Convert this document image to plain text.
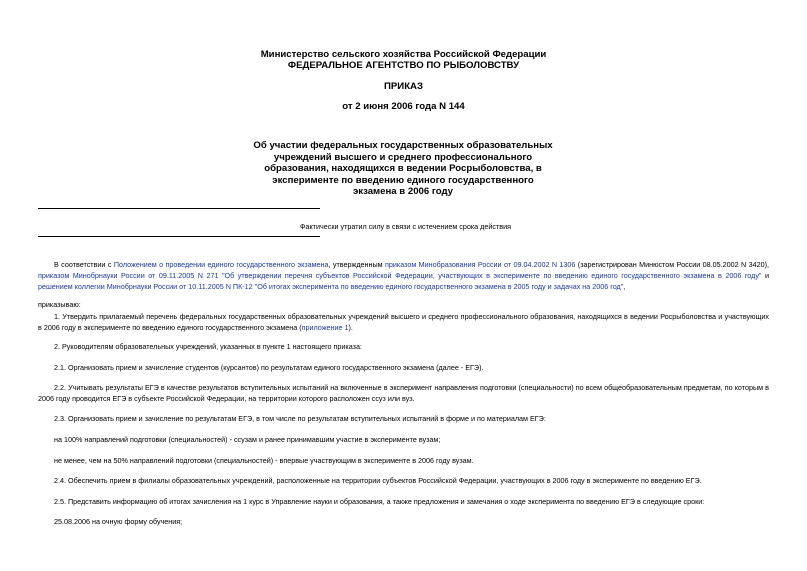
Министерство сельского хозяйства Российской Федерации
ФЕДЕРАЛЬНОЕ АГЕНТСТВО ПО РЫБОЛОВСТВУ
ПРИКАЗ
от 2 июня 2006 года N 144
Об участии федеральных государственных образовательных
учреждений высшего и среднего профессионального
образования, находящихся в ведении Росрыболовства, в
эксперименте по введению единого государственного
экзамена в 2006 году
Фактически утратил силу в связи с истечением срока действия
В соответствии с Положением о проведении единого государственного экзамена, утвержденным приказом Минобразования России от 09.04.2002 N 1306 (зарегистрирован Минюстом России 08.05.2002 N 3420), приказом Минобрнауки России от 09.11.2005 N 271 "Об утверждении перечня субъектов Российской Федерации, участвующих в эксперименте по введению единого государственного экзамена в 2006 году" и решением коллегии Минобрнауки России от 10.11.2005 N ПК-12 "Об итогах эксперимента по введению единого государственного экзамена в 2005 году и задачах на 2006 год",
приказываю:
1. Утвердить прилагаемый перечень федеральных государственных образовательных учреждений высшего и среднего профессионального образования, находящихся в ведении Росрыболовства и участвующих в 2006 году в эксперименте по введению единого государственного экзамена (приложение 1).
2. Руководителям образовательных учреждений, указанных в пункте 1 настоящего приказа:
2.1. Организовать прием и зачисление студентов (курсантов) по результатам единого государственного экзамена (далее - ЕГЭ).
2.2. Учитывать результаты ЕГЭ в качестве результатов вступительных испытаний на включенные в эксперимент направления подготовки (специальности) по всем общеобразовательным предметам, по которым в 2006 году проводится ЕГЭ в субъекте Российской Федерации, на территории которого расположен ссуз или вуз.
2.3. Организовать прием и зачисление по результатам ЕГЭ, в том числе по результатам вступительных испытаний в форме и по материалам ЕГЭ:
на 100% направлений подготовки (специальностей) - ссузам и ранее принимавшим участие в эксперименте вузам;
не менее, чем на 50% направлений подготовки (специальностей) - впервые участвующим в эксперименте в 2006 году вузам.
2.4. Обеспечить прием в филиалы образовательных учреждений, расположенные на территории субъектов Российской Федерации, участвующих в 2006 году в эксперименте по введению ЕГЭ.
2.5. Представить информацию об итогах зачисления на 1 курс в Управление науки и образования, а также предложения и замечания о ходе эксперимента по введению ЕГЭ в следующие сроки:
25.08.2006 на очную форму обучения;
